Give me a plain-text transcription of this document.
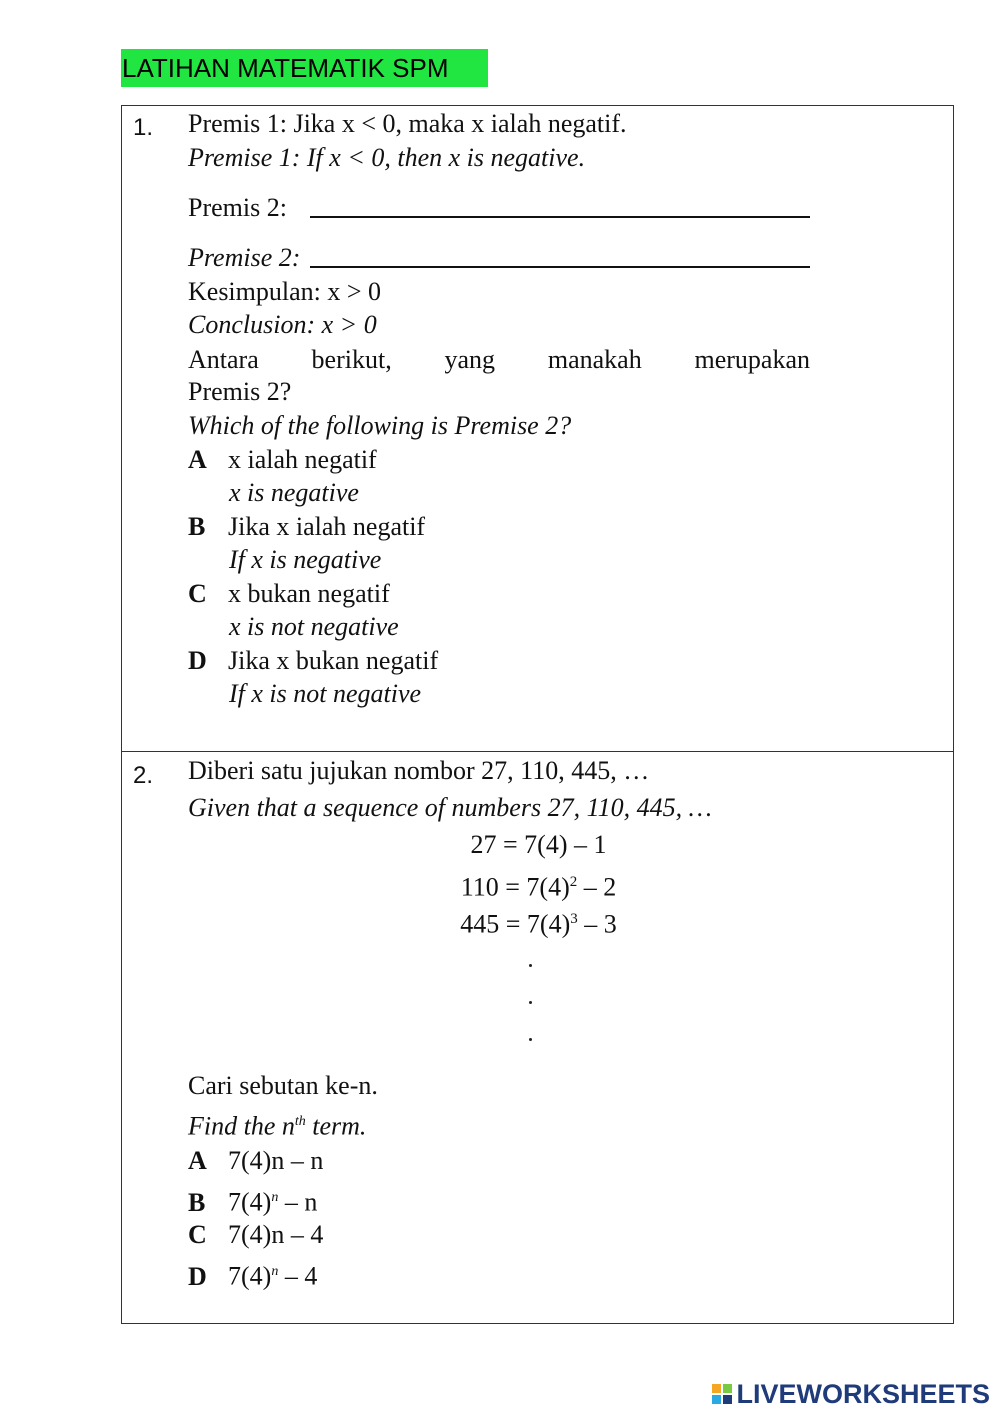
LATIHAN MATEMATIK SPM
1. Premis 1: Jika x < 0, maka x ialah negatif.
Premise 1: If x < 0, then x is negative.
Premis 2:
Premise 2:
Kesimpulan: x > 0
Conclusion: x > 0
Antara berikut, yang manakah merupakan
Premis 2?
Which of the following is Premise 2?
A x ialah negatif
x is negative
B Jika x ialah negatif
If x is negative
C x bukan negatif
x is not negative
D Jika x bukan negatif
If x is not negative
2. Diberi satu jujukan nombor 27, 110, 445, …
Given that a sequence of numbers 27, 110, 445, …
27 = 7(4) – 1
$110 = 7(4)^2 - 2$
$445 = 7(4)^3 - 3$
Cari sebutan ke-n.
Find the $n^{th}$ term.
A 7(4)n – n
B $7(4)^n$ – n
C 7(4)n – 4
D $7(4)^n - 4$
LIVEWORKSHEETS
